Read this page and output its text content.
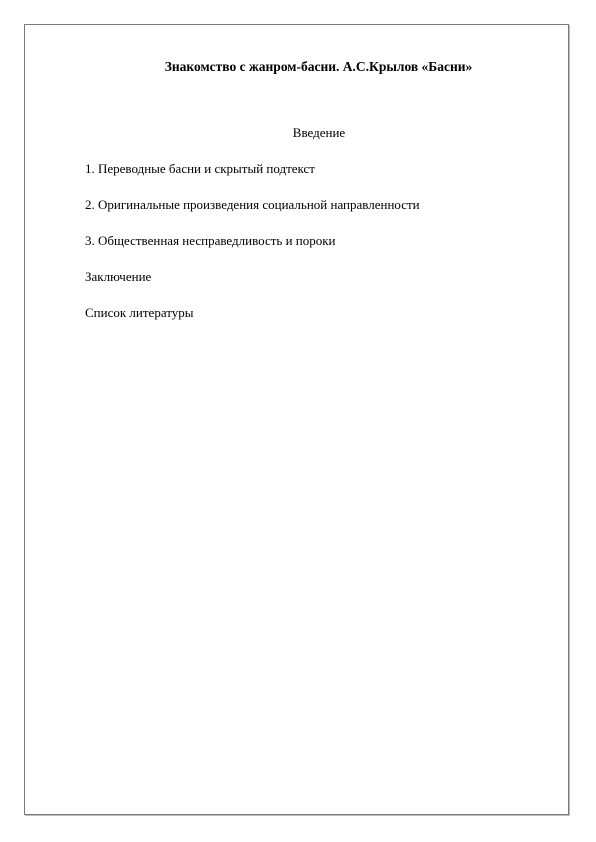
Знакомство с жанром-басни. А.С.Крылов «Басни»
Введение
1. Переводные басни и скрытый подтекст
2. Оригинальные произведения социальной направленности
3. Общественная несправедливость и пороки
Заключение
Список литературы
